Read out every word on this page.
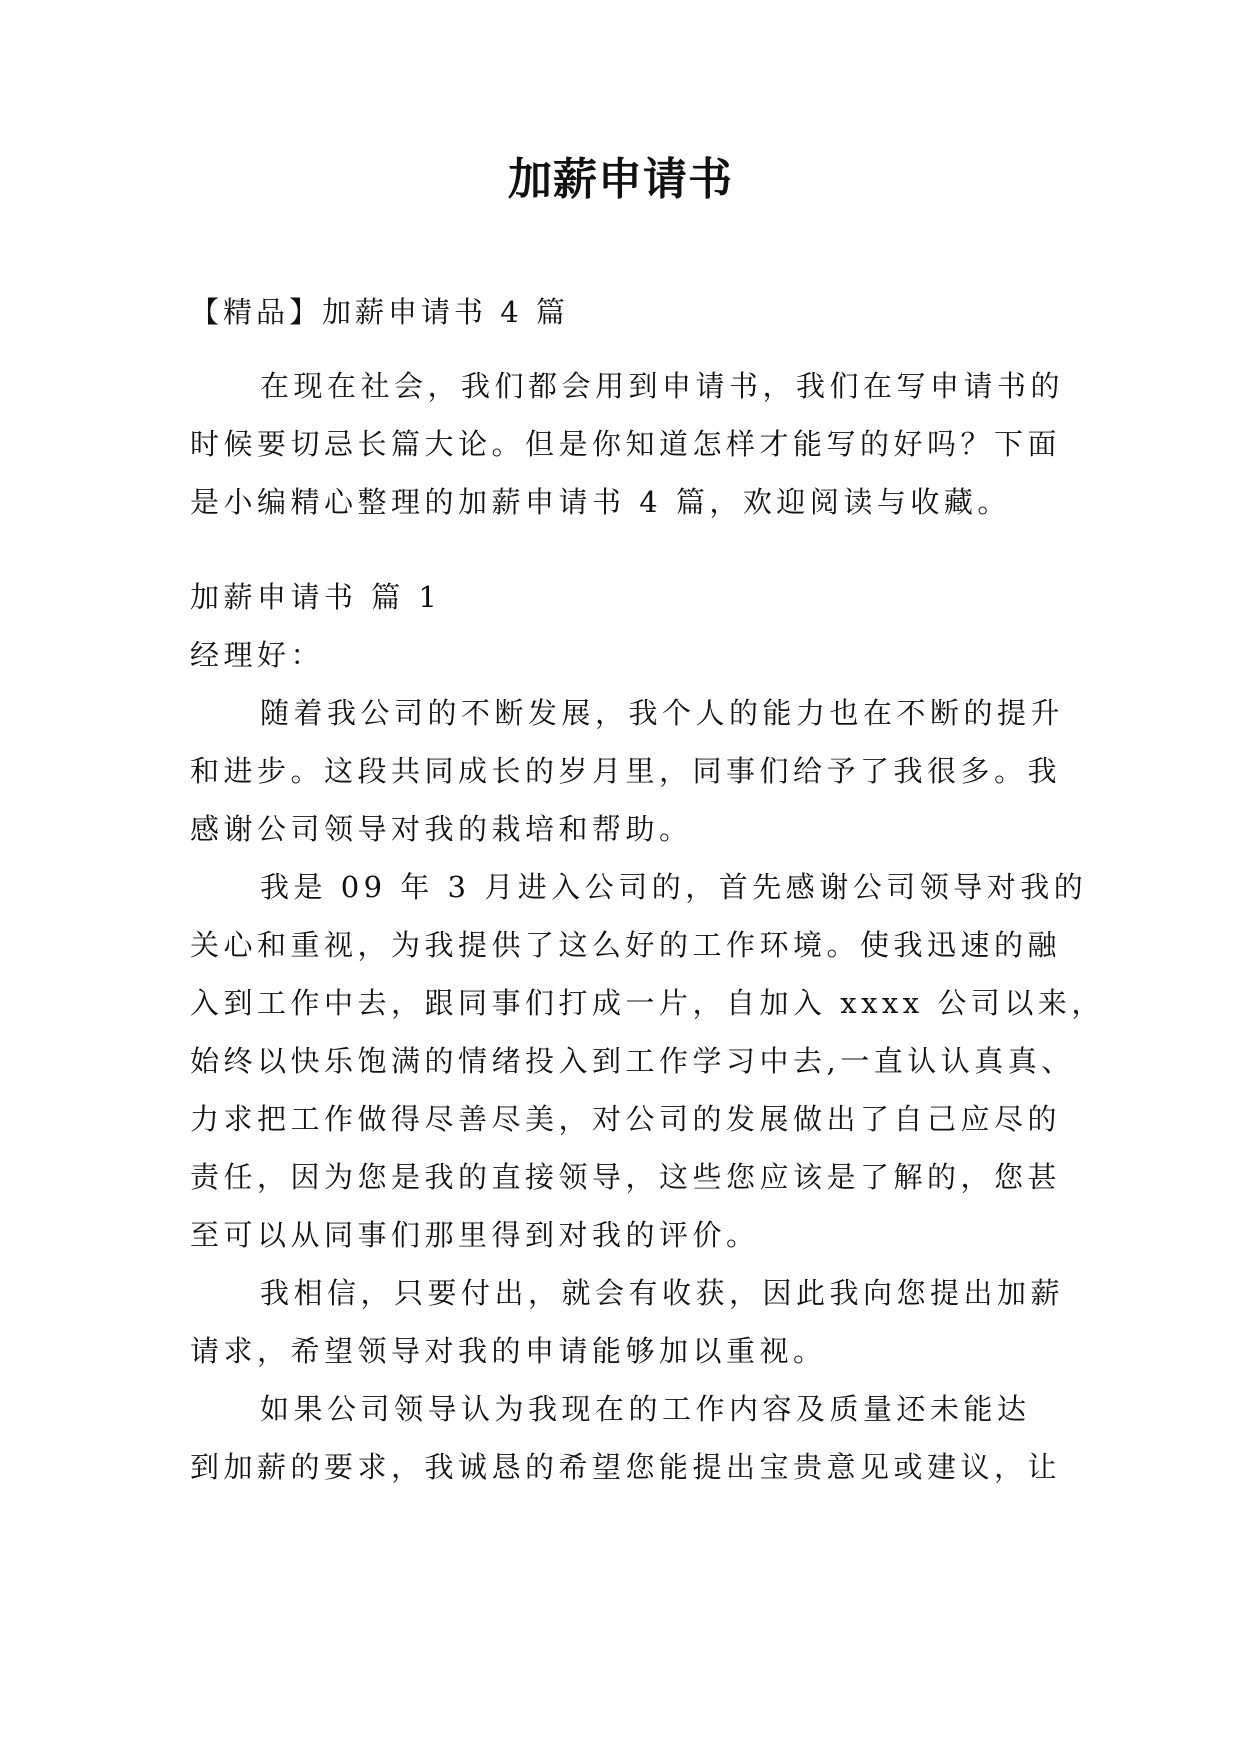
加薪申请书
【精品】加薪申请书 4 篇
在现在社会，我们都会用到申请书，我们在写申请书的
时候要切忌长篇大论。但是你知道怎样才能写的好吗？下面
是小编精心整理的加薪申请书 4 篇，欢迎阅读与收藏。
加薪申请书 篇 1
经理好：
随着我公司的不断发展，我个人的能力也在不断的提升
和进步。这段共同成长的岁月里，同事们给予了我很多。我
感谢公司领导对我的栽培和帮助。
我是 09 年 3 月进入公司的，首先感谢公司领导对我的
关心和重视，为我提供了这么好的工作环境。使我迅速的融
入到工作中去，跟同事们打成一片，自加入 xxxx 公司以来，
始终以快乐饱满的情绪投入到工作学习中去,一直认认真真、
力求把工作做得尽善尽美，对公司的发展做出了自己应尽的
责任，因为您是我的直接领导，这些您应该是了解的，您甚
至可以从同事们那里得到对我的评价。
我相信，只要付出，就会有收获，因此我向您提出加薪
请求，希望领导对我的申请能够加以重视。
如果公司领导认为我现在的工作内容及质量还未能达
到加薪的要求，我诚恳的希望您能提出宝贵意见或建议，让
